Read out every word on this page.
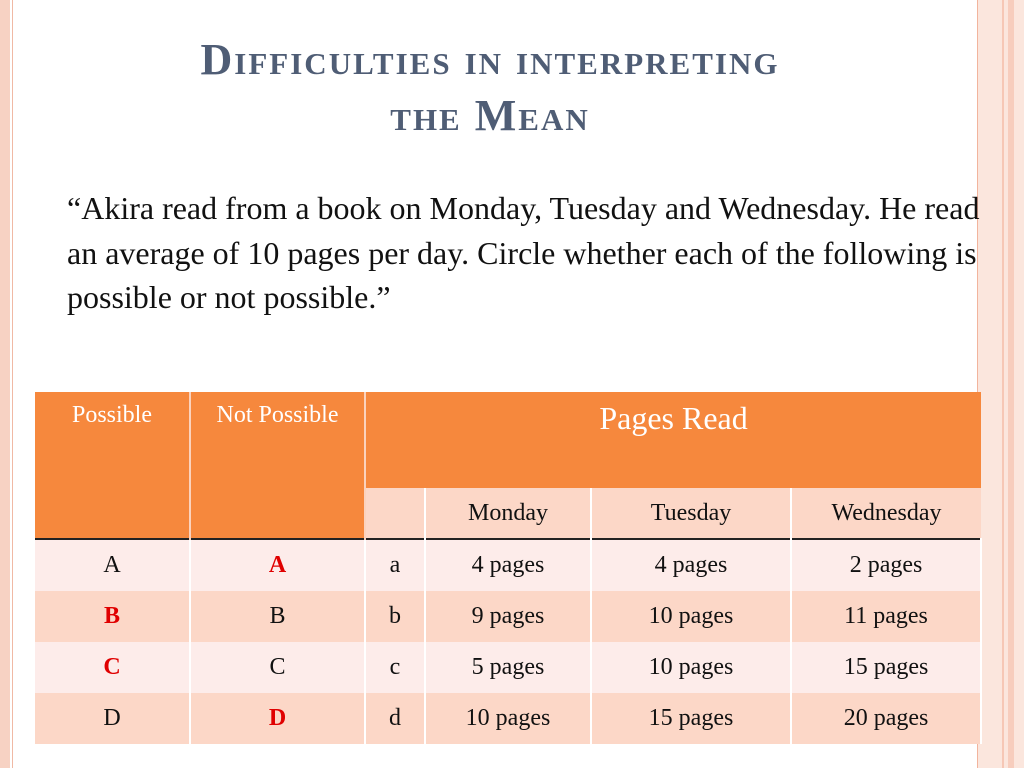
Difficulties in interpreting
the Mean
“Akira read from a book on Monday, Tuesday and Wednesday. He read an average of 10 pages per day. Circle whether each of the following is possible or not possible.”
Possible	Not Possible	Pages Read			
			Monday	Tuesday	Wednesday
A	A	a	4 pages	4 pages	2 pages
B	B	b	9 pages	10 pages	11 pages
C	C	c	5 pages	10 pages	15 pages
D	D	d	10 pages	15 pages	20 pages
